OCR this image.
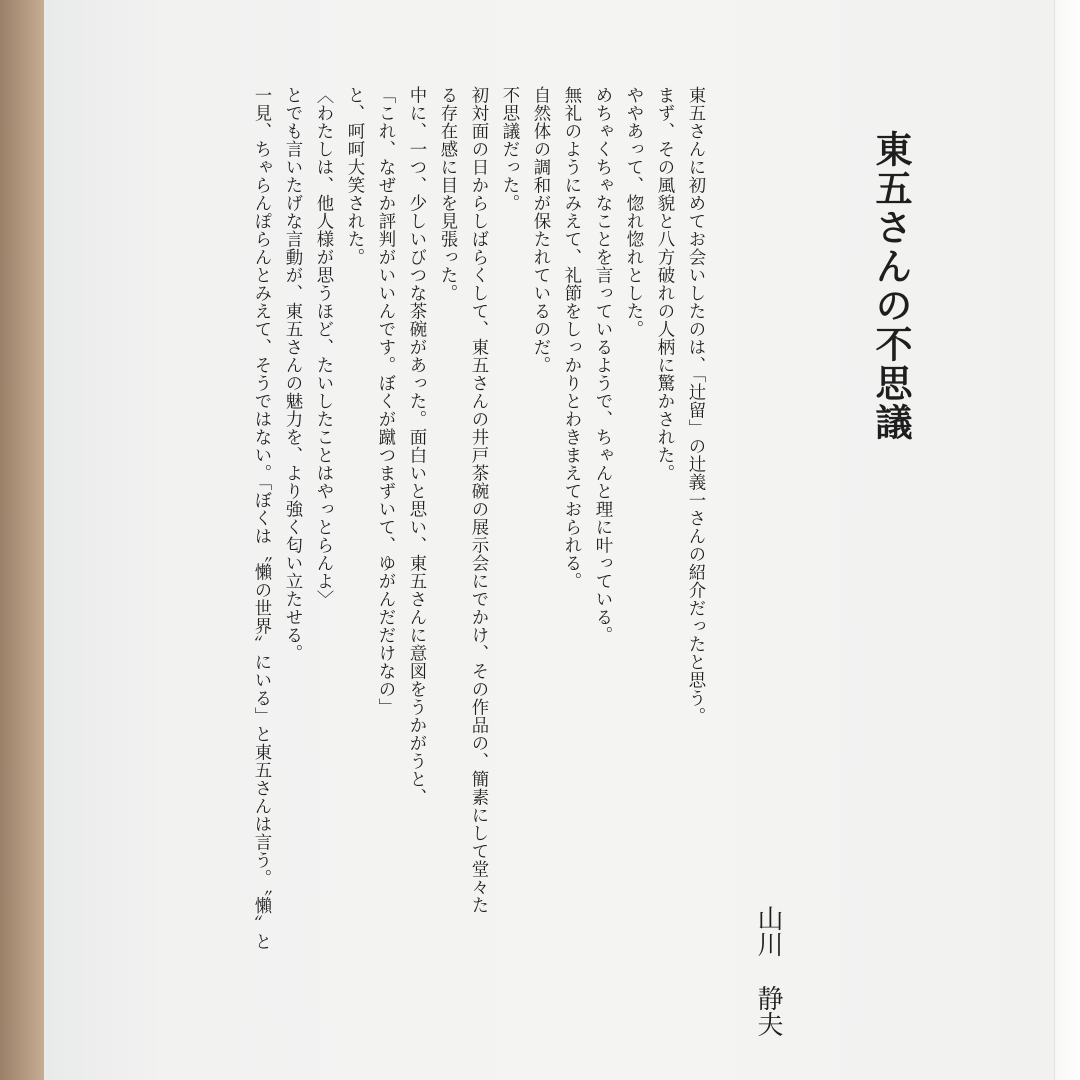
東五さんの不思議
山川静夫
東五さんに初めてお会いしたのは、「辻留」の辻義一さんの紹介だったと思う。
まず、その風貌と八方破れの人柄に驚かされた。
ややあって、惚れ惚れとした。
めちゃくちゃなことを言っているようで、ちゃんと理に叶っている。
無礼のようにみえて、礼節をしっかりとわきまえておられる。
自然体の調和が保たれているのだ。
不思議だった。
初対面の日からしばらくして、東五さんの井戸茶碗の展示会にでかけ、その作品の、簡素にして堂々た
る存在感に目を見張った。
中に、一つ、少しいびつな茶碗があった。面白いと思い、東五さんに意図をうかがうと、
「これ、なぜか評判がいいんです。ぼくが蹴つまずいて、ゆがんだだけなの」
と、呵呵大笑された。
〈わたしは、他人様が思うほど、たいしたことはやっとらんよ〉
とでも言いたげな言動が、東五さんの魅力を、より強く匂い立たせる。
一見、ちゃらんぽらんとみえて、そうではない。「ぼくは〝懶の世界〟にいる」と東五さんは言う。〝懶〟と
